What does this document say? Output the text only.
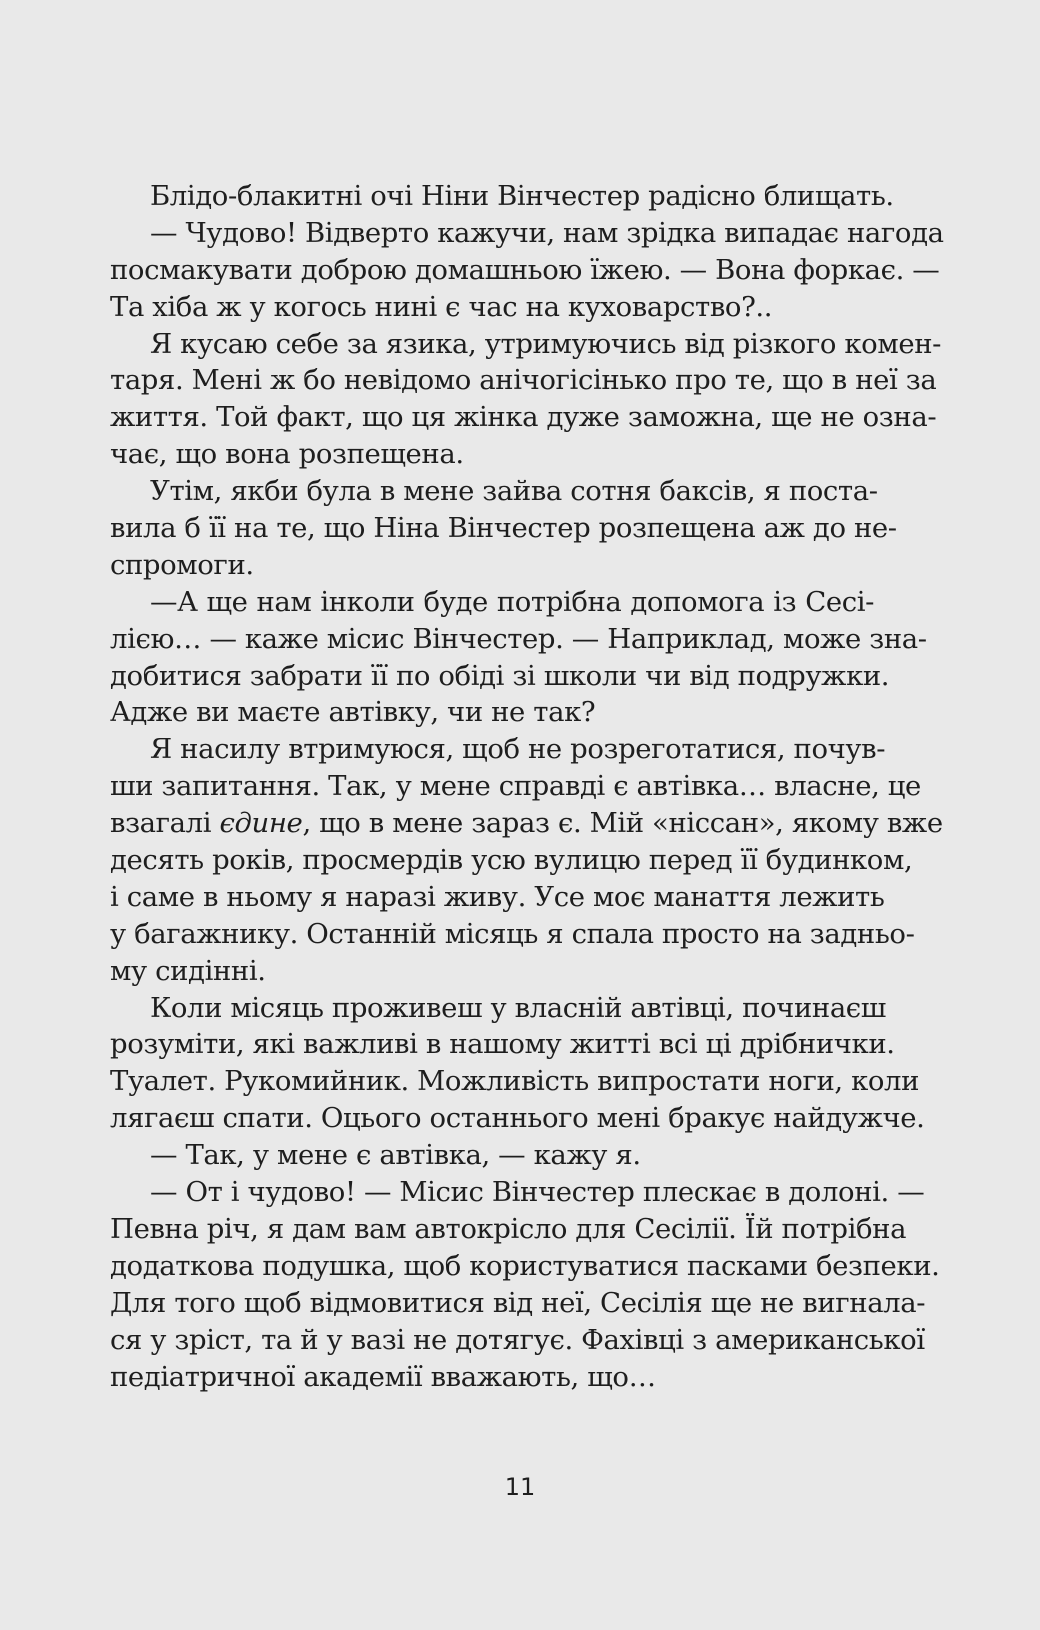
Блідо-блакитні очі Ніни Вінчестер радісно блищать.
— Чудово! Відверто кажучи, нам зрідка випадає нагода
посмакувати доброю домашньою їжею. — Вона форкає. —
Та хіба ж у когось нині є час на куховарство?..
Я кусаю себе за язика, утримуючись від різкого комен-
таря. Мені ж бо невідомо анічогісінько про те, що в неї за
життя. Той факт, що ця жінка дуже заможна, ще не озна-
чає, що вона розпещена.
Утім, якби була в мене зайва сотня баксів, я поста-
вила б її на те, що Ніна Вінчестер розпещена аж до не-
спромоги.
—А ще нам інколи буде потрібна допомога із Сесі-
лією… — каже місис Вінчестер. — Наприклад, може зна-
добитися забрати її по обіді зі школи чи від подружки.
Адже ви маєте автівку, чи не так?
Я насилу втримуюся, щоб не розреготатися, почув-
ши запитання. Так, у мене справді є автівка… власне, це
взагалі єдине, що в мене зараз є. Мій «ніссан», якому вже
десять років, просмердів усю вулицю перед її будинком,
і саме в ньому я наразі живу. Усе моє манаття лежить
у багажнику. Останній місяць я спала просто на задньо-
му сидінні.
Коли місяць проживеш у власній автівці, починаєш
розуміти, які важливі в нашому житті всі ці дрібнички.
Туалет. Рукомийник. Можливість випростати ноги, коли
лягаєш спати. Оцього останнього мені бракує найдужче.
— Так, у мене є автівка, — кажу я.
— От і чудово! — Місис Вінчестер плескає в долоні. —
Певна річ, я дам вам автокрісло для Сесілії. Їй потрібна
додаткова подушка, щоб користуватися пасками безпеки.
Для того щоб відмовитися від неї, Сесілія ще не вигнала-
ся у зріст, та й у вазі не дотягує. Фахівці з американської
педіатричної академії вважають, що…
11
